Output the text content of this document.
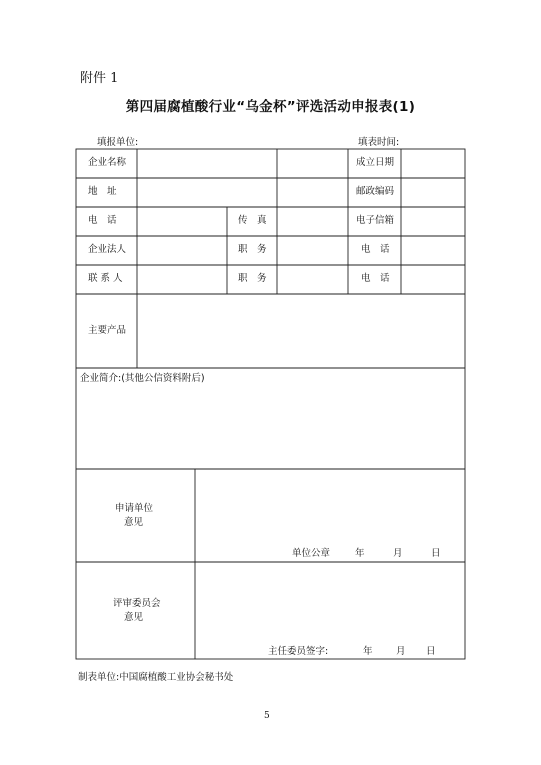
附件 1
第四届腐植酸行业“乌金杯”评选活动申报表(1)
填报单位:	填表时间:
企业名称	成立日期
地　址	邮政编码
电　话	传　真	电子信箱
企业法人	职　务	电　话
联 系 人	职　务	电　话
主要产品
企业简介:(其他公信资料附后)
申请单位
意见
单位公章	年	月	日
评审委员会
意见
主任委员签字:	年 月 日
制表单位:中国腐植酸工业协会秘书处
5
